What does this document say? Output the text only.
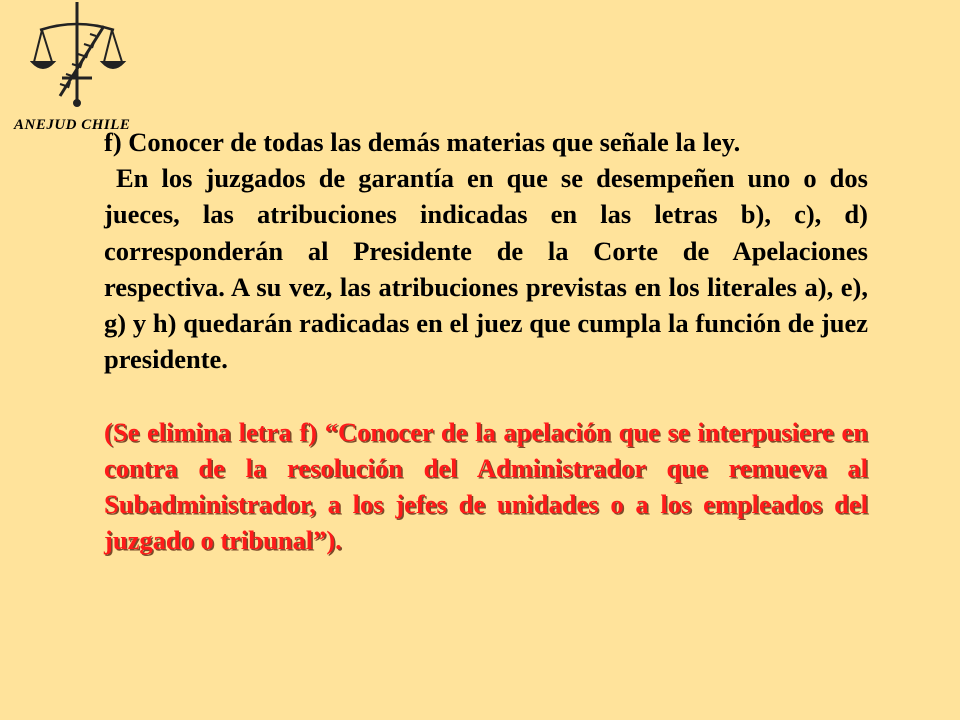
ANEJUD CHILE

f) Conocer de todas las demás materias que señale la ley.

En los juzgados de garantía en que se desempeñen uno o dos jueces, las atribuciones indicadas en las letras b), c), d) corresponderán al Presidente de la Corte de Apelaciones respectiva. A su vez, las atribuciones previstas en los literales a), e), g) y h) quedarán radicadas en el juez que cumpla la función de juez presidente.

(Se elimina letra f) “Conocer de la apelación que se interpusiere en contra de la resolución del Administrador que remueva al Subadministrador, a los jefes de unidades o a los empleados del juzgado o tribunal”).
